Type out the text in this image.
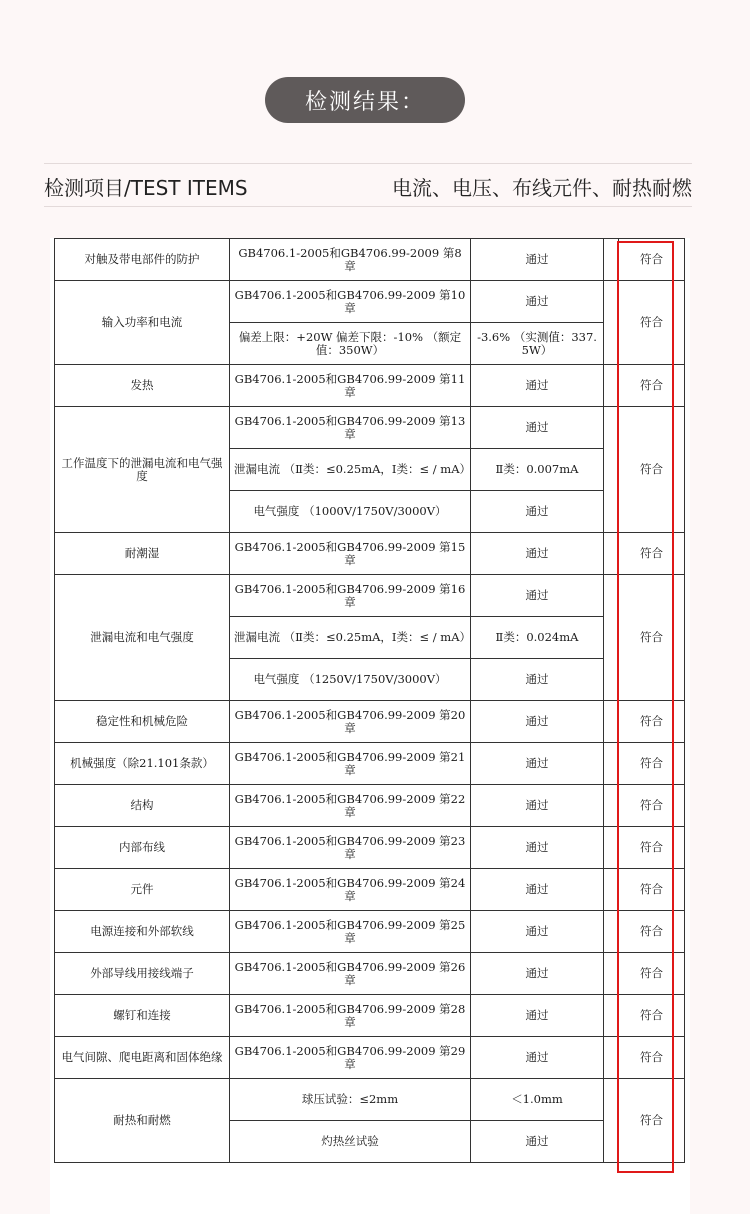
检测结果：
检测项目/TEST ITEMS	电流、电压、布线元件、耐热耐燃
对触及带电部件的防护	GB4706.1-2005和GB4706.99-2009 第8章	通过		符合
输入功率和电流	GB4706.1-2005和GB4706.99-2009 第10章	通过		符合
	偏差上限：+20W 偏差下限：-10% （额定值：350W）	-3.6% （实测值：337.5W）		
发热	GB4706.1-2005和GB4706.99-2009 第11章	通过		符合
工作温度下的泄漏电流和电气强度	GB4706.1-2005和GB4706.99-2009 第13章	通过		符合
	泄漏电流 （Ⅱ类：≤0.25mA，Ⅰ类：≤ / mA）	Ⅱ类：0.007mA		
	电气强度 （1000V/1750V/3000V）	通过		
耐潮湿	GB4706.1-2005和GB4706.99-2009 第15章	通过		符合
泄漏电流和电气强度	GB4706.1-2005和GB4706.99-2009 第16章	通过		符合
	泄漏电流 （Ⅱ类：≤0.25mA，Ⅰ类：≤ / mA）	Ⅱ类：0.024mA		
	电气强度 （1250V/1750V/3000V）	通过		
稳定性和机械危险	GB4706.1-2005和GB4706.99-2009 第20章	通过		符合
机械强度（除21.101条款）	GB4706.1-2005和GB4706.99-2009 第21章	通过		符合
结构	GB4706.1-2005和GB4706.99-2009 第22章	通过		符合
内部布线	GB4706.1-2005和GB4706.99-2009 第23章	通过		符合
元件	GB4706.1-2005和GB4706.99-2009 第24章	通过		符合
电源连接和外部软线	GB4706.1-2005和GB4706.99-2009 第25章	通过		符合
外部导线用接线端子	GB4706.1-2005和GB4706.99-2009 第26章	通过		符合
螺钉和连接	GB4706.1-2005和GB4706.99-2009 第28章	通过		符合
电气间隙、爬电距离和固体绝缘	GB4706.1-2005和GB4706.99-2009 第29章	通过		符合
耐热和耐燃	球压试验：≤2mm	＜1.0mm		符合
	灼热丝试验	通过		
